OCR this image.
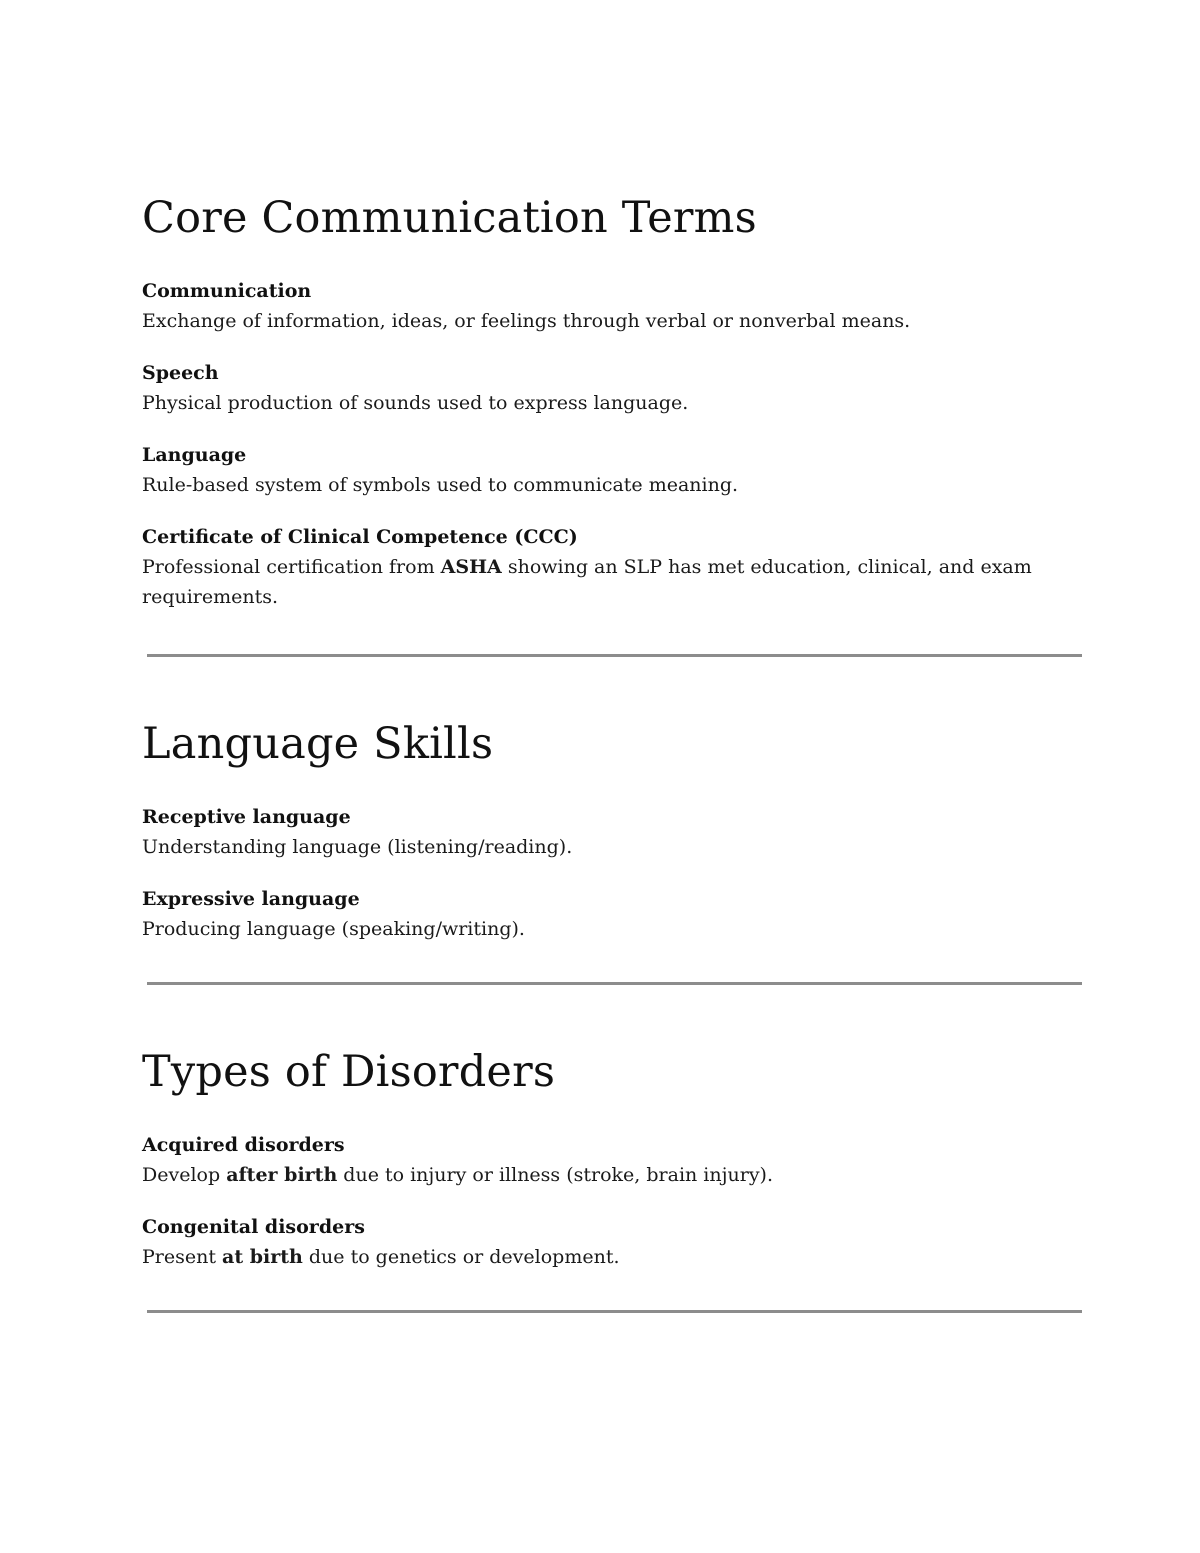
Core Communication Terms
Communication
Exchange of information, ideas, or feelings through verbal or nonverbal means.
Speech
Physical production of sounds used to express language.
Language
Rule-based system of symbols used to communicate meaning.
Certificate of Clinical Competence (CCC)
Professional certification from ASHA showing an SLP has met education, clinical, and exam requirements.
Language Skills
Receptive language
Understanding language (listening/reading).
Expressive language
Producing language (speaking/writing).
Types of Disorders
Acquired disorders
Develop after birth due to injury or illness (stroke, brain injury).
Congenital disorders
Present at birth due to genetics or development.
